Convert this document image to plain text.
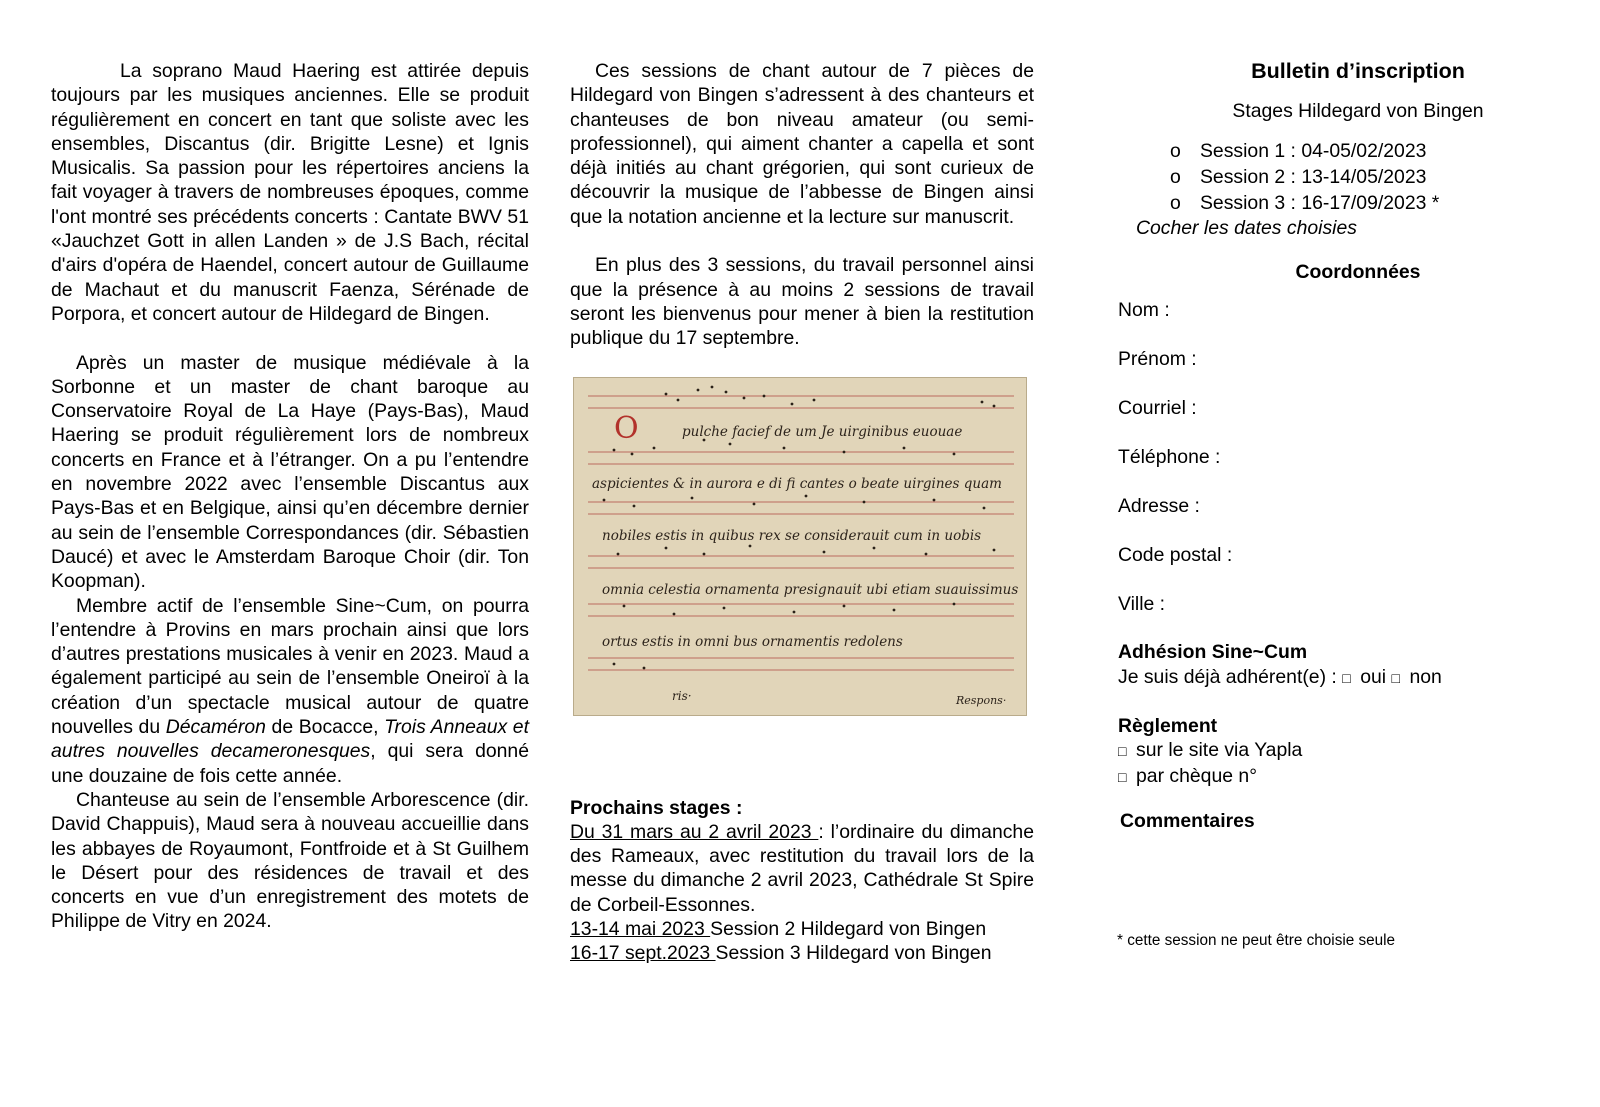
La soprano Maud Haering est attirée depuis toujours par les musiques anciennes. Elle se produit régulièrement en concert en tant que soliste avec les ensembles, Discantus (dir. Brigitte Lesne) et Ignis Musicalis. Sa passion pour les répertoires anciens la fait voyager à travers de nombreuses époques, comme l'ont montré ses précédents concerts : Cantate BWV 51 «Jauchzet Gott in allen Landen » de J.S Bach, récital d'airs d'opéra de Haendel, concert autour de Guillaume de Machaut et du manuscrit Faenza, Sérénade de Porpora, et concert autour de Hildegard de Bingen.

Après un master de musique médiévale à la Sorbonne et un master de chant baroque au Conservatoire Royal de La Haye (Pays-Bas), Maud Haering se produit régulièrement lors de nombreux concerts en France et à l’étranger. On a pu l’entendre en novembre 2022 avec l’ensemble Discantus aux Pays-Bas et en Belgique, ainsi qu’en décembre dernier au sein de l’ensemble Correspondances (dir. Sébastien Daucé) et avec le Amsterdam Baroque Choir (dir. Ton Koopman).

Membre actif de l’ensemble Sine~Cum, on pourra l’entendre à Provins en mars prochain ainsi que lors d’autres prestations musicales à venir en 2023. Maud a également participé au sein de l’ensemble Oneiroï à la création d’un spectacle musical autour de quatre nouvelles du Décaméron de Bocacce, Trois Anneaux et autres nouvelles decameronesques, qui sera donné une douzaine de fois cette année.

Chanteuse au sein de l’ensemble Arborescence (dir. David Chappuis), Maud sera à nouveau accueillie dans les abbayes de Royaumont, Fontfroide et à St Guilhem le Désert pour des résidences de travail et des concerts en vue d’un enregistrement des motets de Philippe de Vitry en 2024.

Ces sessions de chant autour de 7 pièces de Hildegard von Bingen s’adressent à des chanteurs et chanteuses de bon niveau amateur (ou semi-professionnel), qui aiment chanter a capella et sont déjà initiés au chant grégorien, qui sont curieux de découvrir la musique de l’abbesse de Bingen ainsi que la notation ancienne et la lecture sur manuscrit.

En plus des 3 sessions, du travail personnel ainsi que la présence à au moins 2 sessions de travail seront les bienvenus pour mener à bien la restitution publique du 17 septembre.

pulche facief de um Je uirginibus euouae
aspicientes & in aurora e di fi cantes o beate uirgines quam
nobiles estis in quibus rex se considerauit cum in uobis
omnia celestia ornamenta presignauit ubi etiam suauissimus
ortus estis in omni bus ornamentis redolens
ris·	Respons·
O

Prochains stages :

Du 31 mars au 2 avril 2023 : l’ordinaire du dimanche des Rameaux, avec restitution du travail lors de la messe du dimanche 2 avril 2023, Cathédrale St Spire de Corbeil-Essonnes.

13-14 mai 2023 Session 2 Hildegard von Bingen

16-17 sept.2023 Session 3 Hildegard von Bingen

Bulletin d’inscription
Stages Hildegard von Bingen
o Session 1 : 04-05/02/2023
o Session 2 : 13-14/05/2023
o Session 3 : 16-17/09/2023 *
Cocher les dates choisies
Coordonnées
Nom :
Prénom :
Courriel :
Téléphone :
Adresse :
Code postal :
Ville :
Adhésion Sine~Cum
Je suis déjà adhérent(e) : □ oui □ non
Règlement
□ sur le site via Yapla
□ par chèque n°
Commentaires
* cette session ne peut être choisie seule
